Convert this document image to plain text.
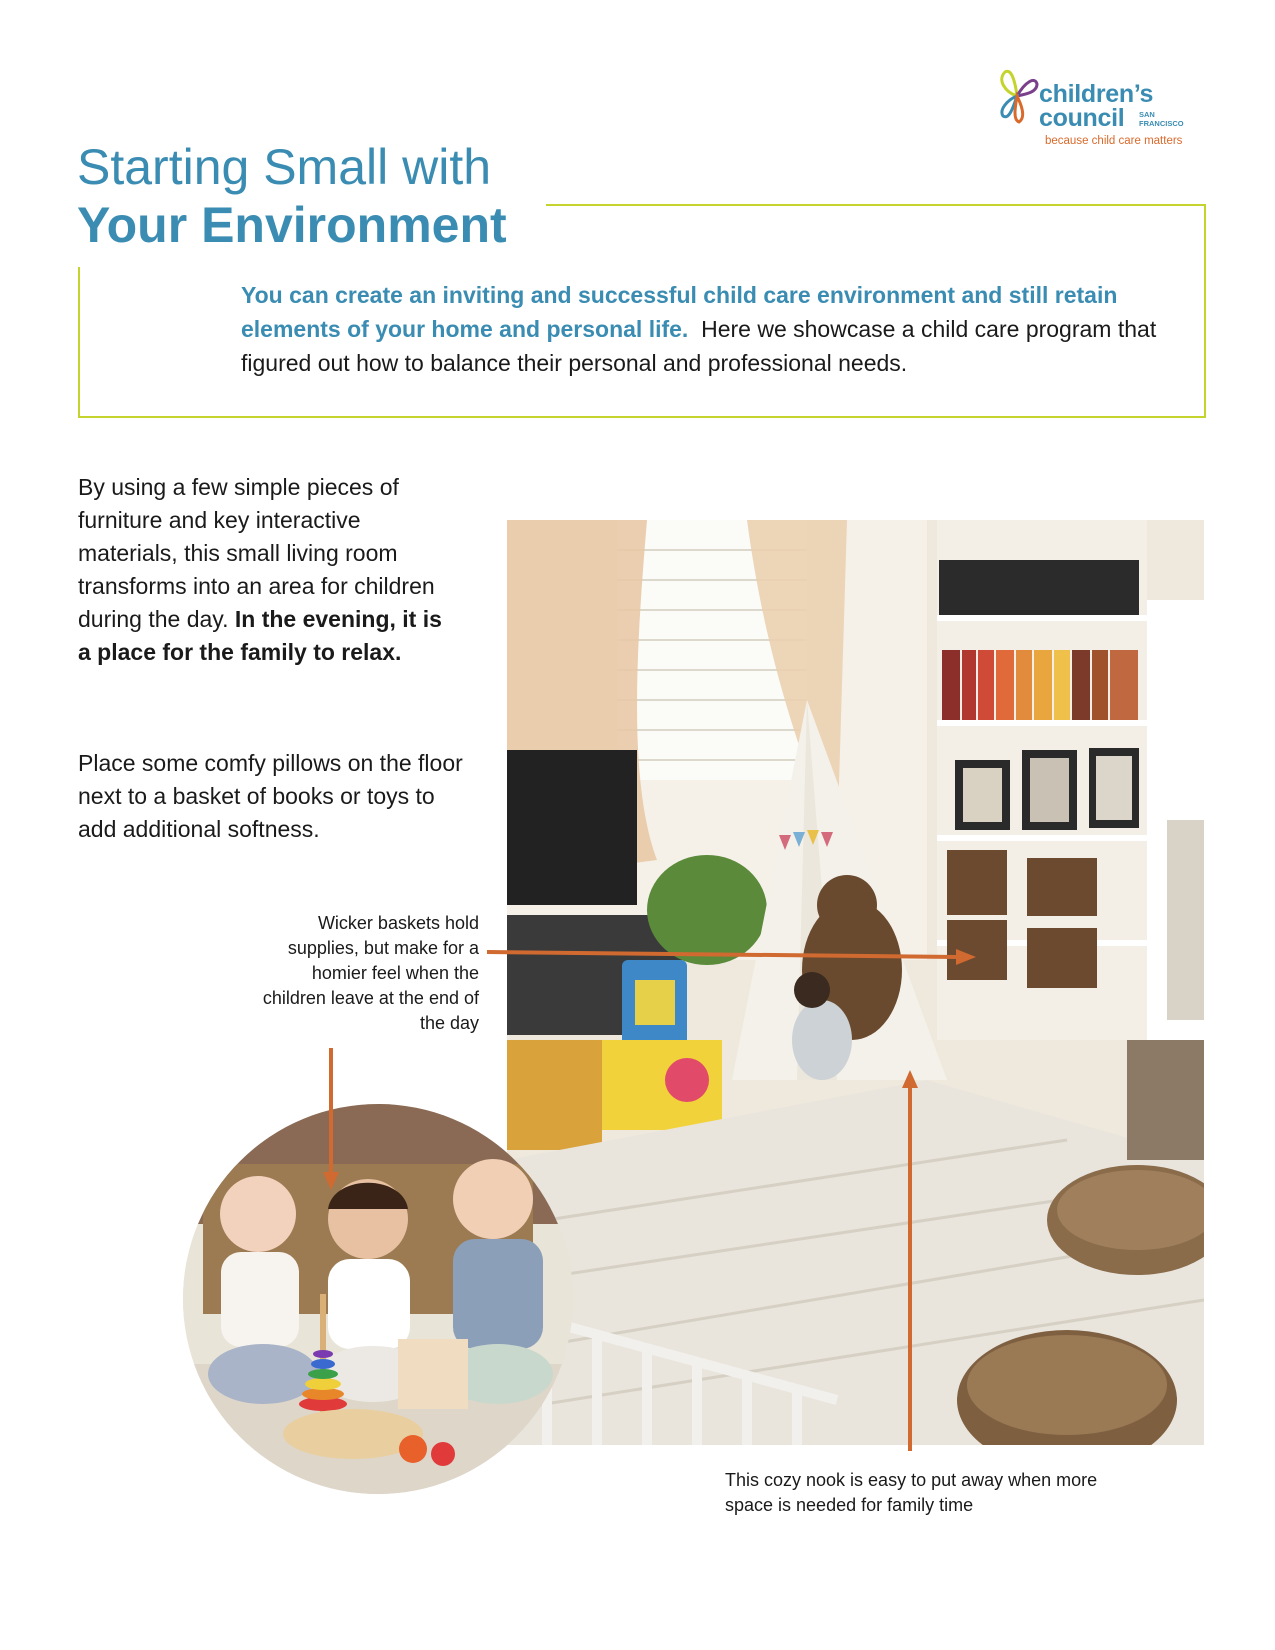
children’s
council SAN
FRANCISCO
because child care matters
Starting Small with
Your Environment
You can create an inviting and successful child care environment and still retain elements of your home and personal life. Here we showcase a child care program that figured out how to balance their personal and professional needs.
By using a few simple pieces of furniture and key interactive materials, this small living room transforms into an area for children during the day. In the evening, it is a place for the family to relax.
Place some comfy pillows on the floor next to a basket of books or toys to add additional softness.
Wicker baskets hold supplies, but make for a homier feel when the children leave at the end of the day
This cozy nook is easy to put away when more space is needed for family time
